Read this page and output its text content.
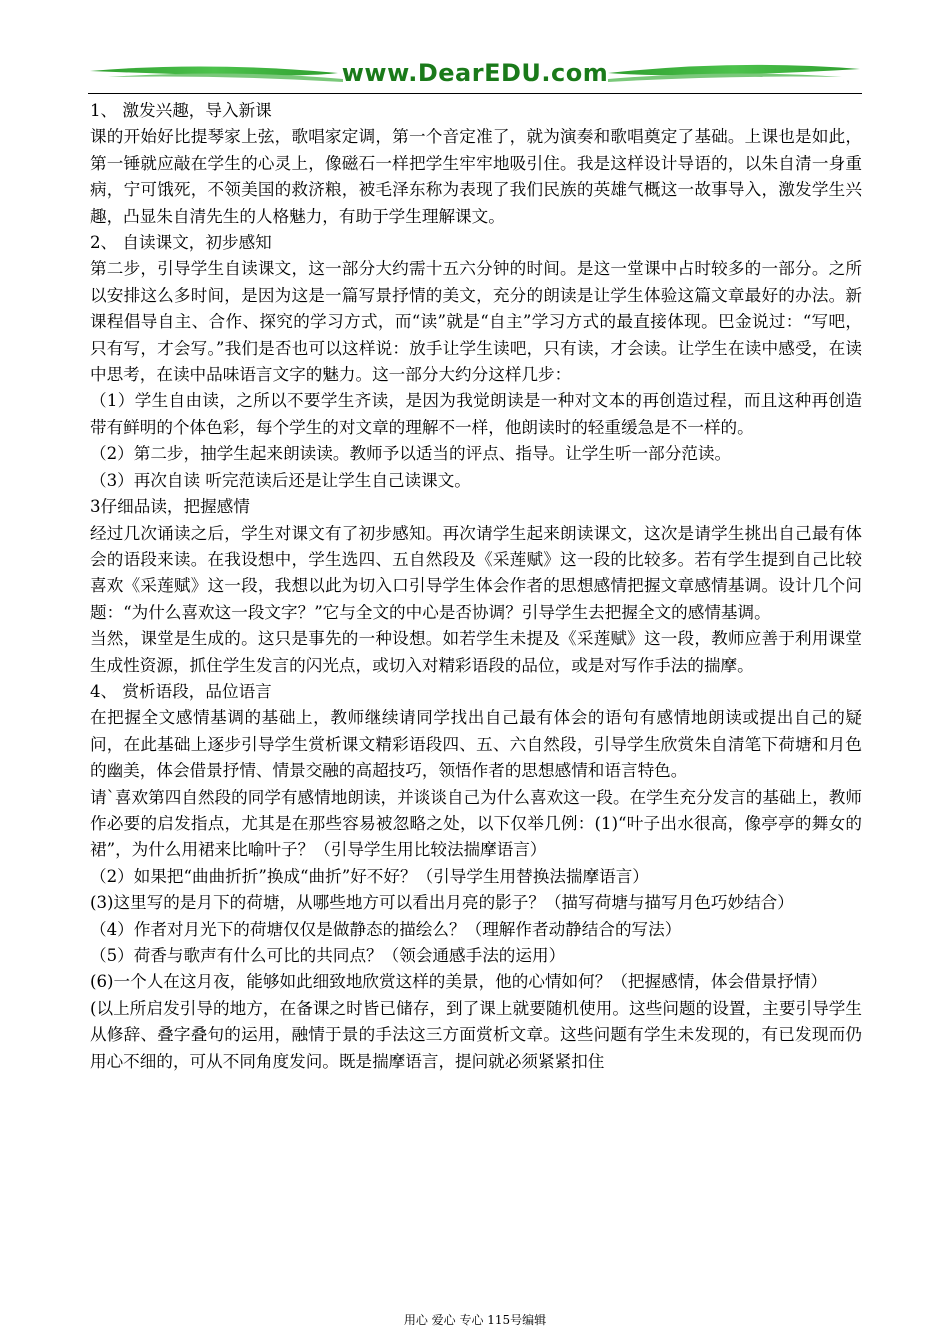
www.DearEDU.com

1、 激发兴趣，导入新课

课的开始好比提琴家上弦，歌唱家定调，第一个音定准了，就为演奏和歌唱奠定了基础。上课也是如此，第一锤就应敲在学生的心灵上，像磁石一样把学生牢牢地吸引住。我是这样设计导语的，以朱自清一身重病，宁可饿死，不领美国的救济粮，被毛泽东称为表现了我们民族的英雄气概这一故事导入，激发学生兴趣，凸显朱自清先生的人格魅力，有助于学生理解课文。

2、 自读课文，初步感知

第二步，引导学生自读课文，这一部分大约需十五六分钟的时间。是这一堂课中占时较多的一部分。之所以安排这么多时间，是因为这是一篇写景抒情的美文，充分的朗读是让学生体验这篇文章最好的办法。新课程倡导自主、合作、探究的学习方式，而“读”就是“自主”学习方式的最直接体现。巴金说过：“写吧，只有写，才会写。”我们是否也可以这样说：放手让学生读吧，只有读，才会读。让学生在读中感受，在读中思考，在读中品味语言文字的魅力。这一部分大约分这样几步：

（1）学生自由读，之所以不要学生齐读，是因为我觉朗读是一种对文本的再创造过程，而且这种再创造带有鲜明的个体色彩，每个学生的对文章的理解不一样，他朗读时的轻重缓急是不一样的。

（2）第二步，抽学生起来朗读读。教师予以适当的评点、指导。让学生听一部分范读。

（3）再次自读 听完范读后还是让学生自己读课文。

3仔细品读，把握感情

经过几次诵读之后，学生对课文有了初步感知。再次请学生起来朗读课文，这次是请学生挑出自己最有体会的语段来读。在我设想中，学生选四、五自然段及《采莲赋》这一段的比较多。若有学生提到自己比较喜欢《采莲赋》这一段，我想以此为切入口引导学生体会作者的思想感情把握文章感情基调。设计几个问题：“为什么喜欢这一段文字？”它与全文的中心是否协调？引导学生去把握全文的感情基调。

当然，课堂是生成的。这只是事先的一种设想。如若学生未提及《采莲赋》这一段，教师应善于利用课堂生成性资源，抓住学生发言的闪光点，或切入对精彩语段的品位，或是对写作手法的揣摩。

4、 赏析语段，品位语言

在把握全文感情基调的基础上，教师继续请同学找出自己最有体会的语句有感情地朗读或提出自己的疑问，在此基础上逐步引导学生赏析课文精彩语段四、五、六自然段，引导学生欣赏朱自清笔下荷塘和月色的幽美，体会借景抒情、情景交融的高超技巧，领悟作者的思想感情和语言特色。

请`喜欢第四自然段的同学有感情地朗读，并谈谈自己为什么喜欢这一段。在学生充分发言的基础上，教师作必要的启发指点，尤其是在那些容易被忽略之处，以下仅举几例：(1)“叶子出水很高，像亭亭的舞女的裙”，为什么用裙来比喻叶子？（引导学生用比较法揣摩语言）

（2）如果把“曲曲折折”换成“曲折”好不好？（引导学生用替换法揣摩语言）

(3)这里写的是月下的荷塘，从哪些地方可以看出月亮的影子？（描写荷塘与描写月色巧妙结合）

（4）作者对月光下的荷塘仅仅是做静态的描绘么？（理解作者动静结合的写法）

（5）荷香与歌声有什么可比的共同点？（领会通感手法的运用）

(6)一个人在这月夜，能够如此细致地欣赏这样的美景，他的心情如何？（把握感情，体会借景抒情）

(以上所启发引导的地方，在备课之时皆已储存，到了课上就要随机使用。这些问题的设置，主要引导学生从修辞、叠字叠句的运用，融情于景的手法这三方面赏析文章。这些问题有学生未发现的，有已发现而仍用心不细的，可从不同角度发问。既是揣摩语言，提问就必须紧紧扣住

用心 爱心 专心 115号编辑
